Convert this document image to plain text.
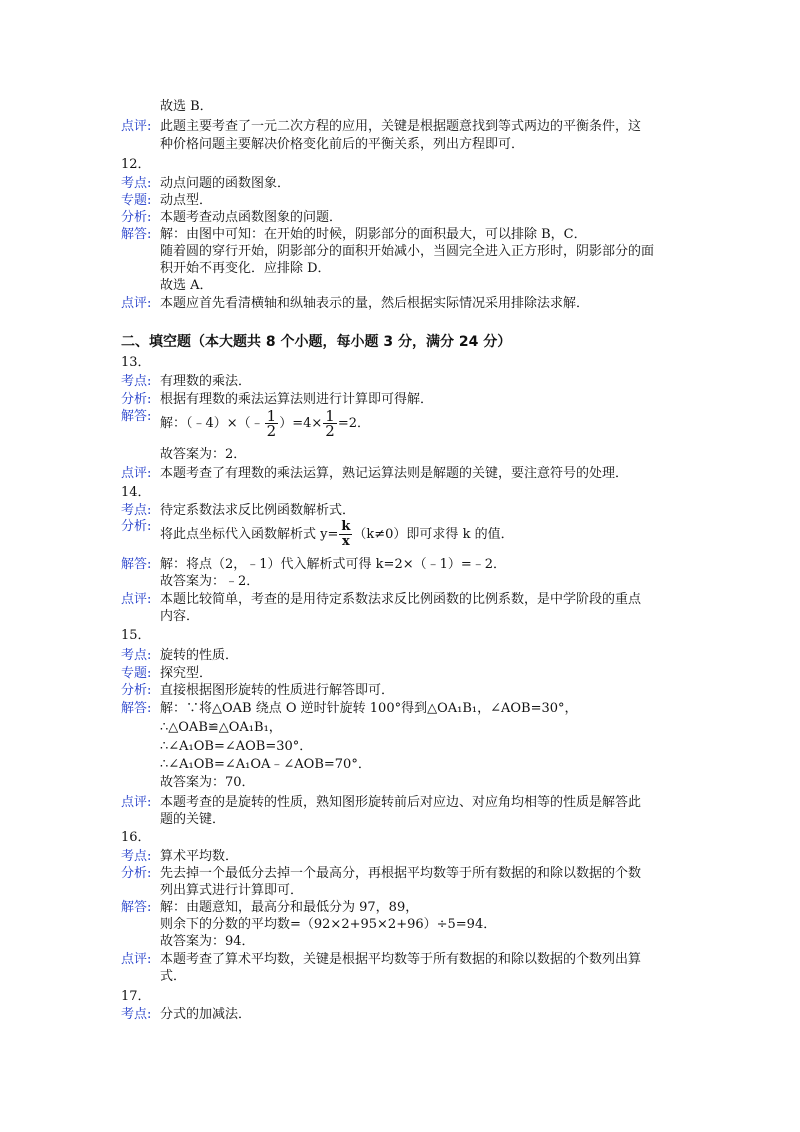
故选 B．
点评: 此题主要考查了一元二次方程的应用，关键是根据题意找到等式两边的平衡条件，这
种价格问题主要解决价格变化前后的平衡关系，列出方程即可．
12．
考点: 动点问题的函数图象．
专题: 动点型．
分析: 本题考查动点函数图象的问题．
解答: 解：由图中可知：在开始的时候，阴影部分的面积最大，可以排除 B，C．
随着圆的穿行开始，阴影部分的面积开始减小，当圆完全进入正方形时，阴影部分的面
积开始不再变化．应排除 D．
故选 A．
点评: 本题应首先看清横轴和纵轴表示的量，然后根据实际情况采用排除法求解．
二、填空题（本大题共 8 个小题，每小题 3 分，满分 24 分）
13．
考点: 有理数的乘法．
分析: 根据有理数的乘法运算法则进行计算即可得解．
解答: 解：（﹣4）×（﹣ $\frac{1}{2} )=4\times \frac{1}{2} =2$．
故答案为：2．
点评: 本题考查了有理数的乘法运算，熟记运算法则是解题的关键，要注意符号的处理．
14．
考点: 待定系数法求反比例函数解析式．
分析:
将此点坐标代入函数解析式 $y= \frac{k}{x} (k\ne 0)$即可求得 k 的值．
解答: 解：将点（2，﹣1）代入解析式可得 k=2×（﹣1）=﹣2．
故答案为：﹣2．
点评: 本题比较简单，考查的是用待定系数法求反比例函数的比例系数，是中学阶段的重点
内容．
15．
考点: 旋转的性质．
专题: 探究型．
分析: 直接根据图形旋转的性质进行解答即可．
解答: 解：∵将△OAB 绕点 O 逆时针旋转 100°得到△OA₁B₁，∠AOB=30°，
∴△OAB≌△OA₁B₁，
∴∠A₁OB=∠AOB=30°．
∴∠A₁OB=∠A₁OA﹣∠AOB=70°．
故答案为：70．
点评: 本题考查的是旋转的性质，熟知图形旋转前后对应边、对应角均相等的性质是解答此
题的关键．
16．
考点: 算术平均数．
分析: 先去掉一个最低分去掉一个最高分，再根据平均数等于所有数据的和除以数据的个数
列出算式进行计算即可．
解答: 解：由题意知，最高分和最低分为 97，89，
则余下的分数的平均数=（92×2+95×2+96）÷5=94．
故答案为：94．
点评: 本题考查了算术平均数，关键是根据平均数等于所有数据的和除以数据的个数列出算
式．
17．
考点: 分式的加减法．
